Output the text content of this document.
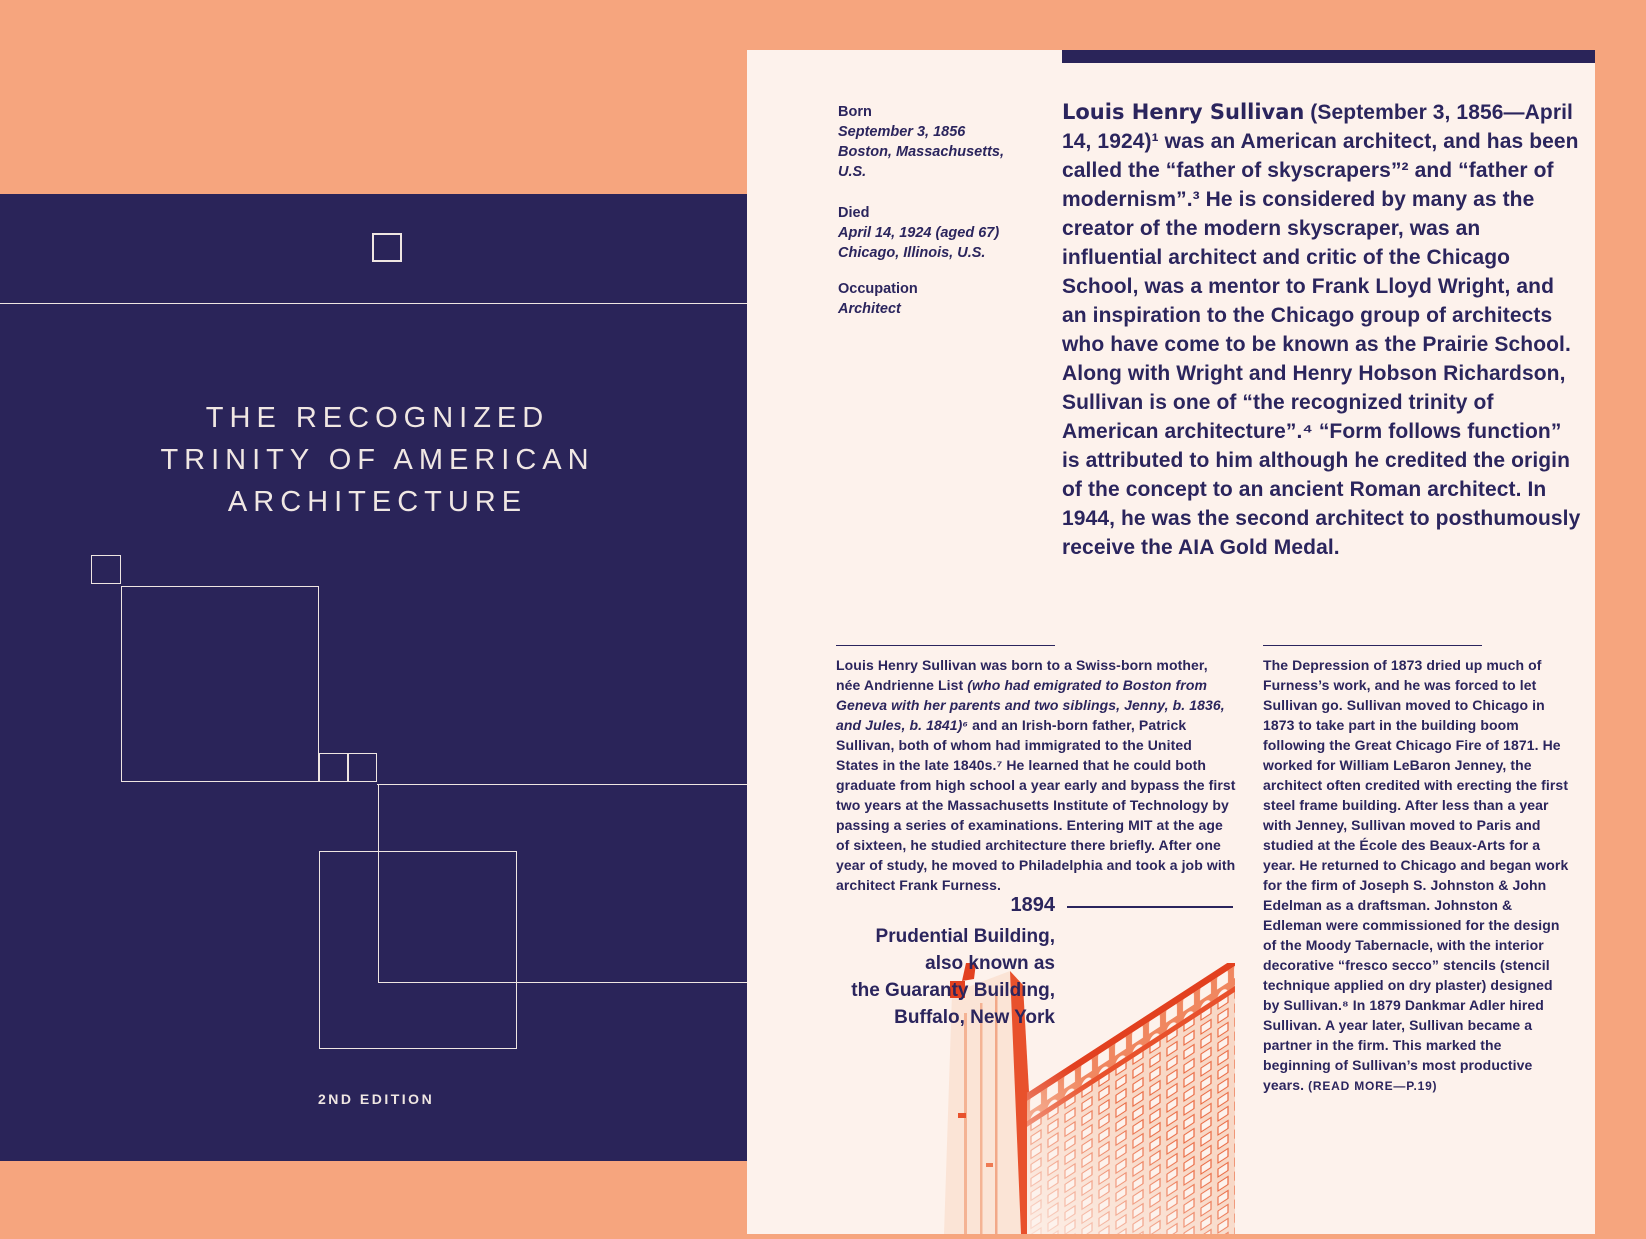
THE RECOGNIZED
TRINITY OF AMERICAN
ARCHITECTURE
2ND EDITION
Born
September 3, 1856
Boston, Massachusetts,
U.S.
Died
April 14, 1924 (aged 67)
Chicago, Illinois, U.S.
Occupation
Architect

Louis Henry Sullivan (September 3, 1856—April 14, 1924)¹ was an American architect, and has been called the “father of skyscrapers”² and “father of modernism”.³ He is considered by many as the creator of the modern skyscraper, was an influential architect and critic of the Chicago School, was a mentor to Frank Lloyd Wright, and an inspiration to the Chicago group of architects who have come to be known as the Prairie School. Along with Wright and Henry Hobson Richardson, Sullivan is one of “the recognized trinity of American architecture”.⁴ “Form follows function” is attributed to him although he credited the origin of the concept to an ancient Roman architect. In 1944, he was the second architect to posthumously receive the AIA Gold Medal.

Louis Henry Sullivan was born to a Swiss-born mother, née Andrienne List (who had emigrated to Boston from Geneva with her parents and two siblings, Jenny, b. 1836, and Jules, b. 1841)⁶ and an Irish-born father, Patrick Sullivan, both of whom had immigrated to the United States in the late 1840s.⁷ He learned that he could both graduate from high school a year early and bypass the first two years at the Massachusetts Institute of Technology by passing a series of examinations. Entering MIT at the age of sixteen, he studied architecture there briefly. After one year of study, he moved to Philadelphia and took a job with architect Frank Furness.

The Depression of 1873 dried up much of Furness’s work, and he was forced to let Sullivan go. Sullivan moved to Chicago in 1873 to take part in the building boom following the Great Chicago Fire of 1871. He worked for William LeBaron Jenney, the architect often credited with erecting the first steel frame building. After less than a year with Jenney, Sullivan moved to Paris and studied at the École des Beaux-Arts for a year. He returned to Chicago and began work for the firm of Joseph S. Johnston & John Edelman as a draftsman. Johnston & Edleman were commissioned for the design of the Moody Tabernacle, with the interior decorative “fresco secco” stencils (stencil technique applied on dry plaster) designed by Sullivan.⁸ In 1879 Dankmar Adler hired Sullivan. A year later, Sullivan became a partner in the firm. This marked the beginning of Sullivan’s most productive years. (READ MORE—P.19)

1894
Prudential Building,
also known as
the Guaranty Building,
Buffalo, New York
